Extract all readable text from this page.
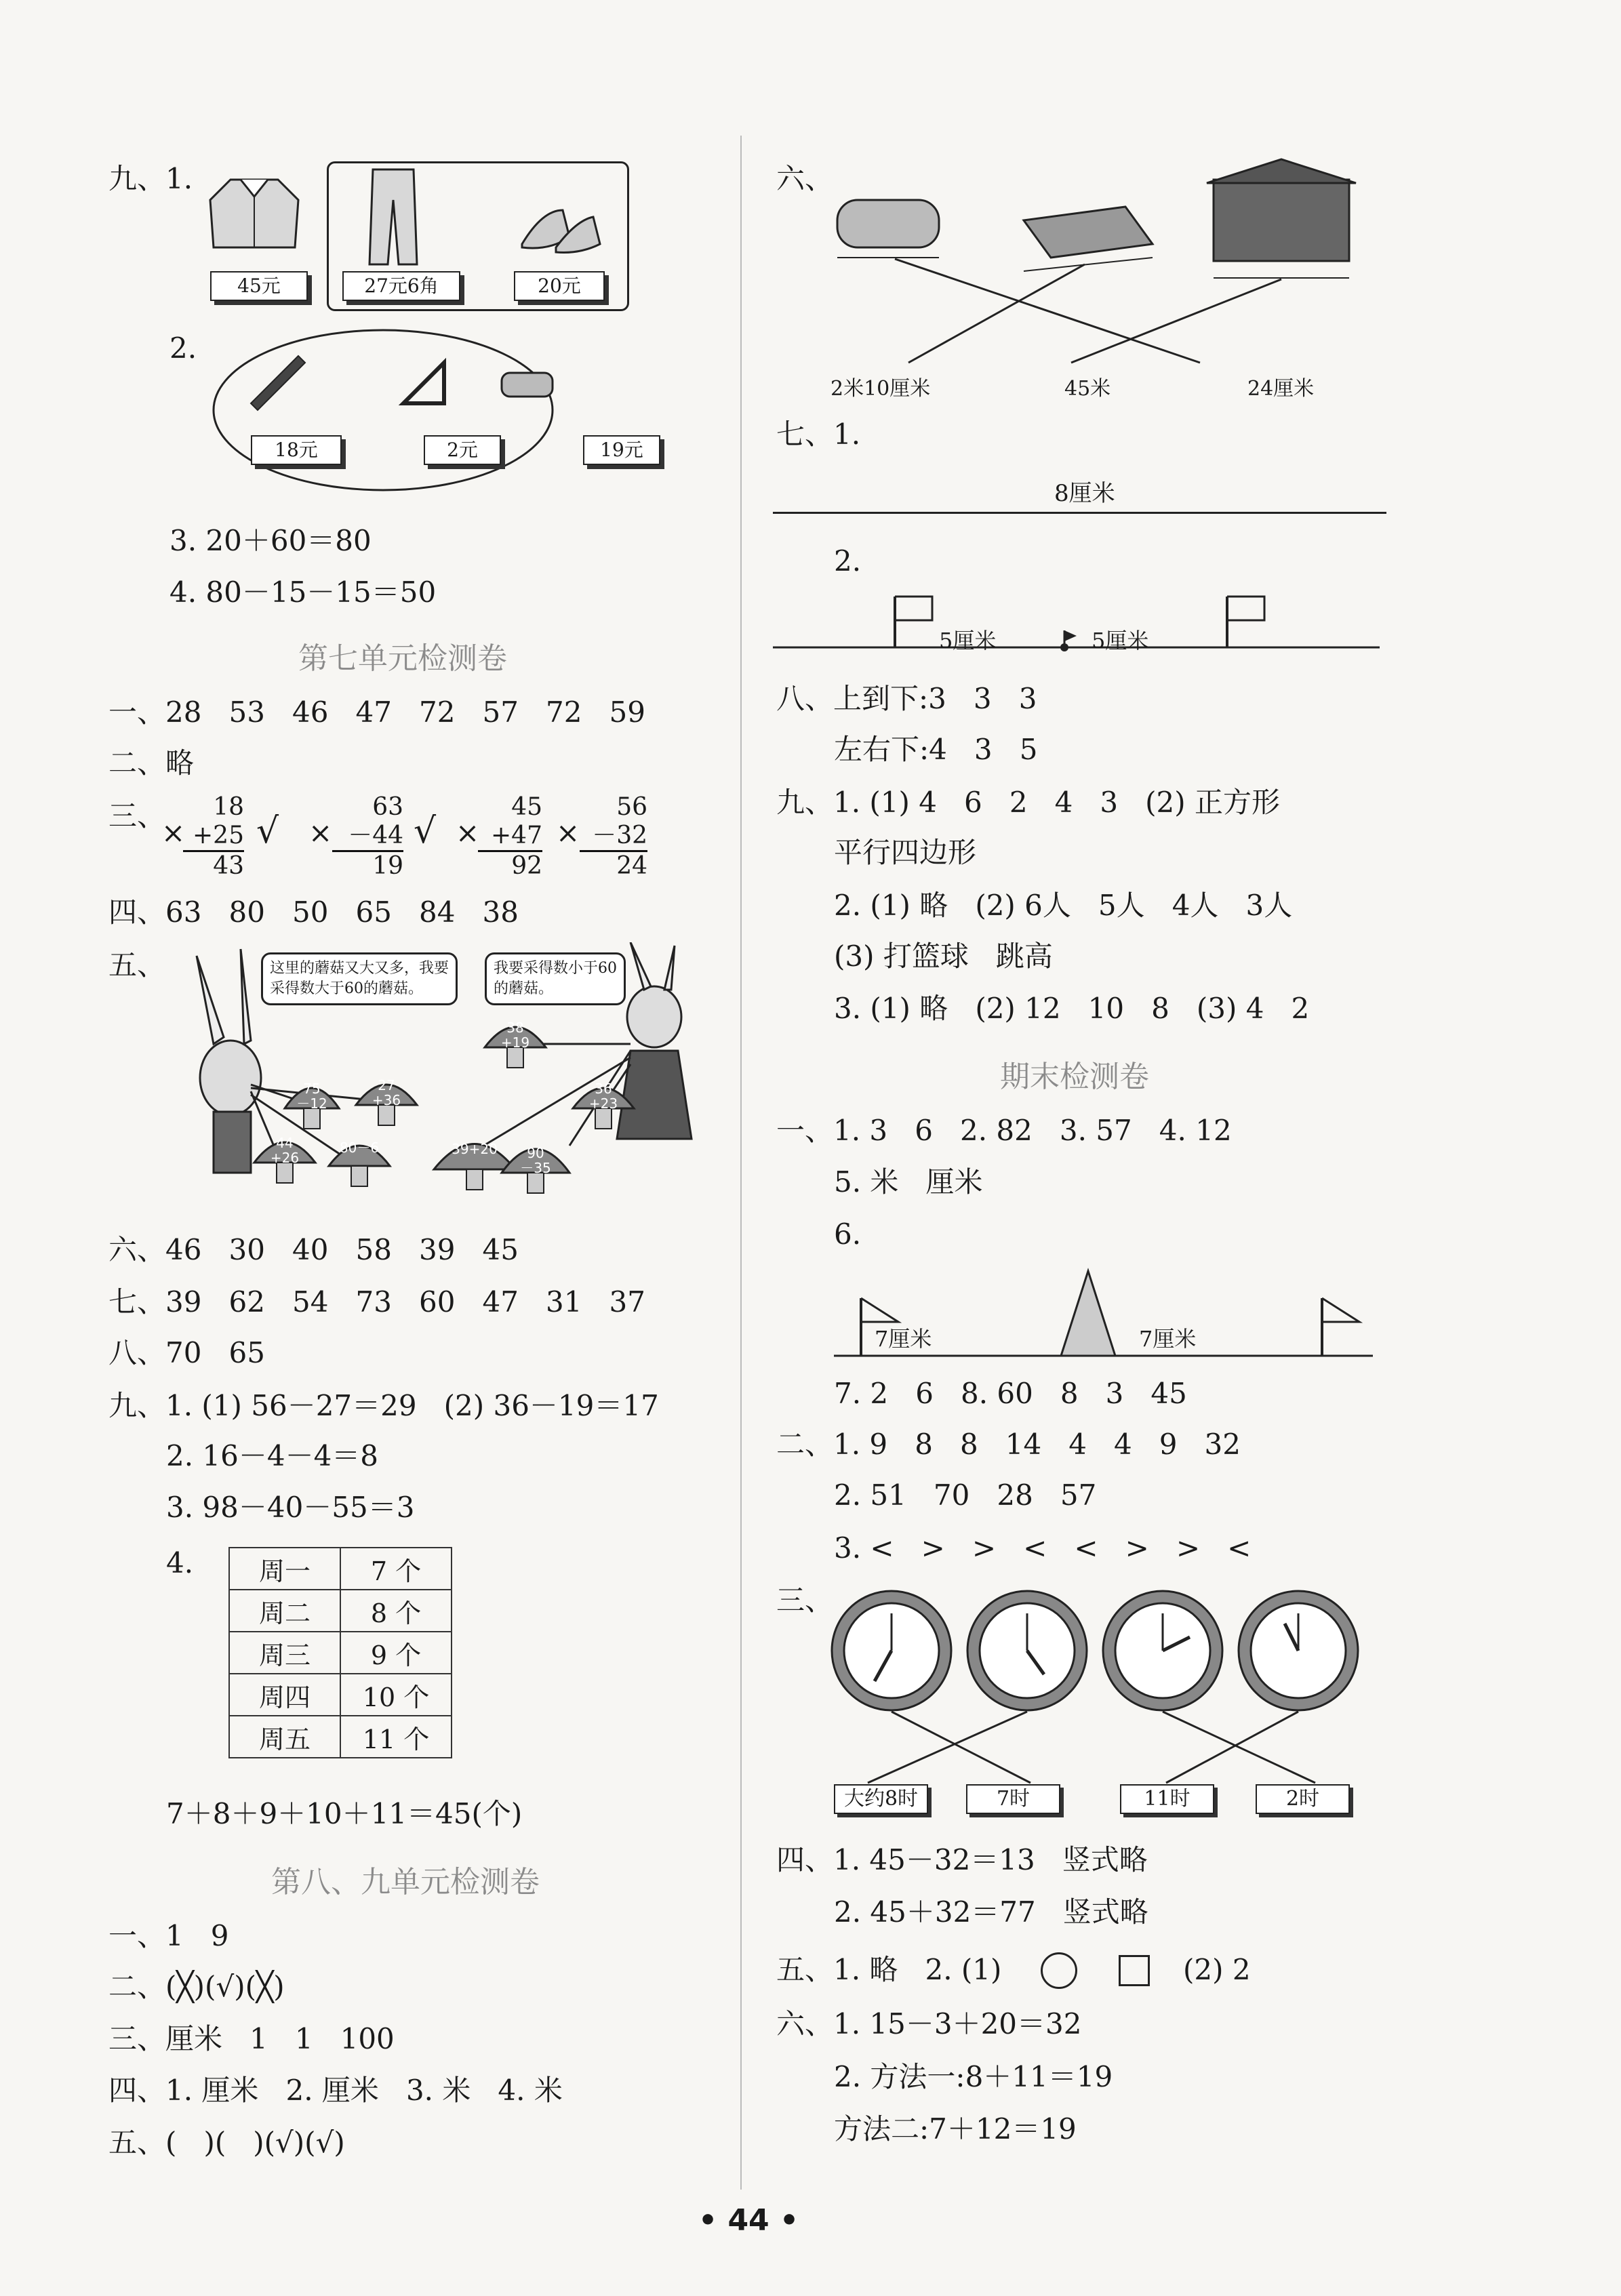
九、1.
45元	27元6角	20元
2.
18元	2元	19元
3. 20＋60＝80
4. 80－15－15＝50
第七单元检测卷
一、28   53   46   47   72   57   72   59
二、略
三、
×
18
+25
43
√ ×
63
－44
19
√ ×
45
+47
92
×
56
－32
24
四、63   80   50   65   84   38
五、	这里的蘑菇又大又多，我要
采得数大于60的蘑菇。
我要采得数小于60
的蘑菇。
75 －12
27 +36
38 +19
36 +23
44 +26
80－6	39+20	90 －35
六、46   30   40   58   39   45
七、39   62   54   73   60   47   31   37
八、70   65
九、1. (1) 56－27＝29   (2) 36－19＝17
2. 16－4－4＝8
3. 98－40－55＝3
4.	周一	7 个
周二	8 个
周三	9 个
周四	10 个
周五	11 个
7＋8＋9＋10＋11＝45(个)
第八、九单元检测卷
一、1   9
二、(╳)(√)(╳)
三、厘米   1   1   100
四、1. 厘米   2. 厘米   3. 米   4. 米
五、(   )(   )(√)(√)
六、
2米10厘米	45米	24厘米
七、1.
8厘米
2.
5厘米	5厘米
八、上到下:3   3   3
左右下:4   3   5
九、1. (1) 4   6   2   4   3   (2) 正方形
平行四边形
2. (1) 略   (2) 6人   5人   4人   3人
(3) 打篮球   跳高
3. (1) 略   (2) 12   10   8   (3) 4   2
期末检测卷
一、1. 3   6   2. 82   3. 57   4. 12
5. 米   厘米
6.
7厘米	7厘米
7. 2   6   8. 60   8   3   45
二、1. 9   8   8   14   4   4   9   32
2. 51   70   28   57
3. <   >   >   <   <   >   >   <
三、
大约8时	7时	11时	2时
四、1. 45－32＝13   竖式略
2. 45＋32＝77   竖式略
五、1. 略   2. (1)	(2) 2
六、1. 15－3＋20＝32
2. 方法一:8＋11＝19
方法二:7＋12＝19
• 44 •
